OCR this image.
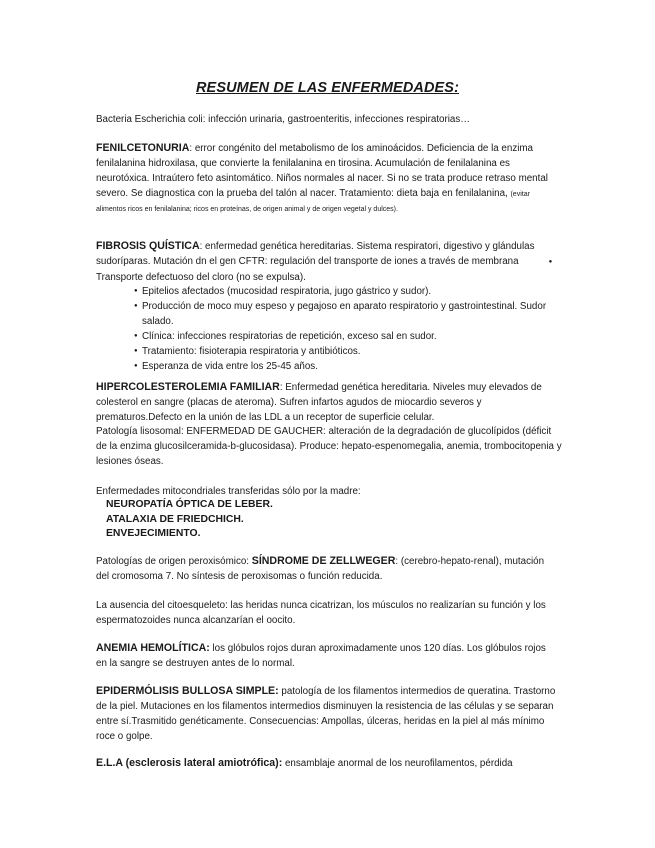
RESUMEN DE LAS ENFERMEDADES:
Bacteria Escherichia coli: infección urinaria, gastroenteritis, infecciones respiratorias…
FENILCETONURIA: error congénito del metabolismo de los aminoácidos. Deficiencia de la enzima fenilalanina hidroxilasa, que convierte la fenilalanina en tirosina. Acumulación de fenilalanina es neurotóxica. Intraútero feto asintomático. Niños normales al nacer. Si no se trata produce retraso mental severo. Se diagnostica con la prueba del talón al nacer. Tratamiento: dieta baja en fenilalanina, (evitar alimentos ricos en fenilalanina; ricos en proteínas, de origen animal y de origen vegetal y dulces).
FIBROSIS QUÍSTICA: enfermedad genética hereditarias. Sistema respiratori, digestivo y glándulas sudoríparas. Mutación dn el gen CFTR: regulación del transporte de iones a través de membrana	● Transporte defectuoso del cloro (no se expulsa).
● Epitelios afectados (mucosidad respiratoria, jugo gástrico y sudor).
● Producción de moco muy espeso y pegajoso en aparato respiratorio y gastrointestinal. Sudor salado.
● Clínica: infecciones respiratorias de repetición, exceso sal en sudor.
● Tratamiento: fisioterapia respiratoria y antibióticos.
● Esperanza de vida entre los 25-45 años.
HIPERCOLESTEROLEMIA FAMILIAR: Enfermedad genética hereditaria. Niveles muy elevados de colesterol en sangre (placas de ateroma). Sufren infartos agudos de miocardio severos y prematuros.Defecto en la unión de las LDL a un receptor de superficie celular.
Patología lisosomal: ENFERMEDAD DE GAUCHER: alteración de la degradación de glucolípidos (déficit de la enzima glucosilceramida-b-glucosidasa). Produce: hepato-espenomegalia, anemia, trombocitopenia y lesiones óseas.
Enfermedades mitocondriales transferidas sólo por la madre:
NEUROPATÍA ÓPTICA DE LEBER.
ATALAXIA DE FRIEDCHICH.
ENVEJECIMIENTO.
Patologías de origen peroxisómico: SÍNDROME DE ZELLWEGER: (cerebro-hepato-renal), mutación del cromosoma 7. No síntesis de peroxisomas o función reducida.
La ausencia del citoesqueleto: las heridas nunca cicatrizan, los músculos no realizarían su función y los espermatozoides nunca alcanzarían el oocito.
ANEMIA HEMOLÍTICA: los glóbulos rojos duran aproximadamente unos 120 días. Los glóbulos rojos en la sangre se destruyen antes de lo normal.
EPIDERMÓLISIS BULLOSA SIMPLE: patología de los filamentos intermedios de queratina. Trastorno de la piel. Mutaciones en los filamentos intermedios disminuyen la resistencia de las células y se separan entre sí.Trasmitido genéticamente. Consecuencias: Ampollas, úlceras, heridas en la piel al más mínimo roce o golpe.
E.L.A (esclerosis lateral amiotrófica): ensamblaje anormal de los neurofilamentos, pérdida
